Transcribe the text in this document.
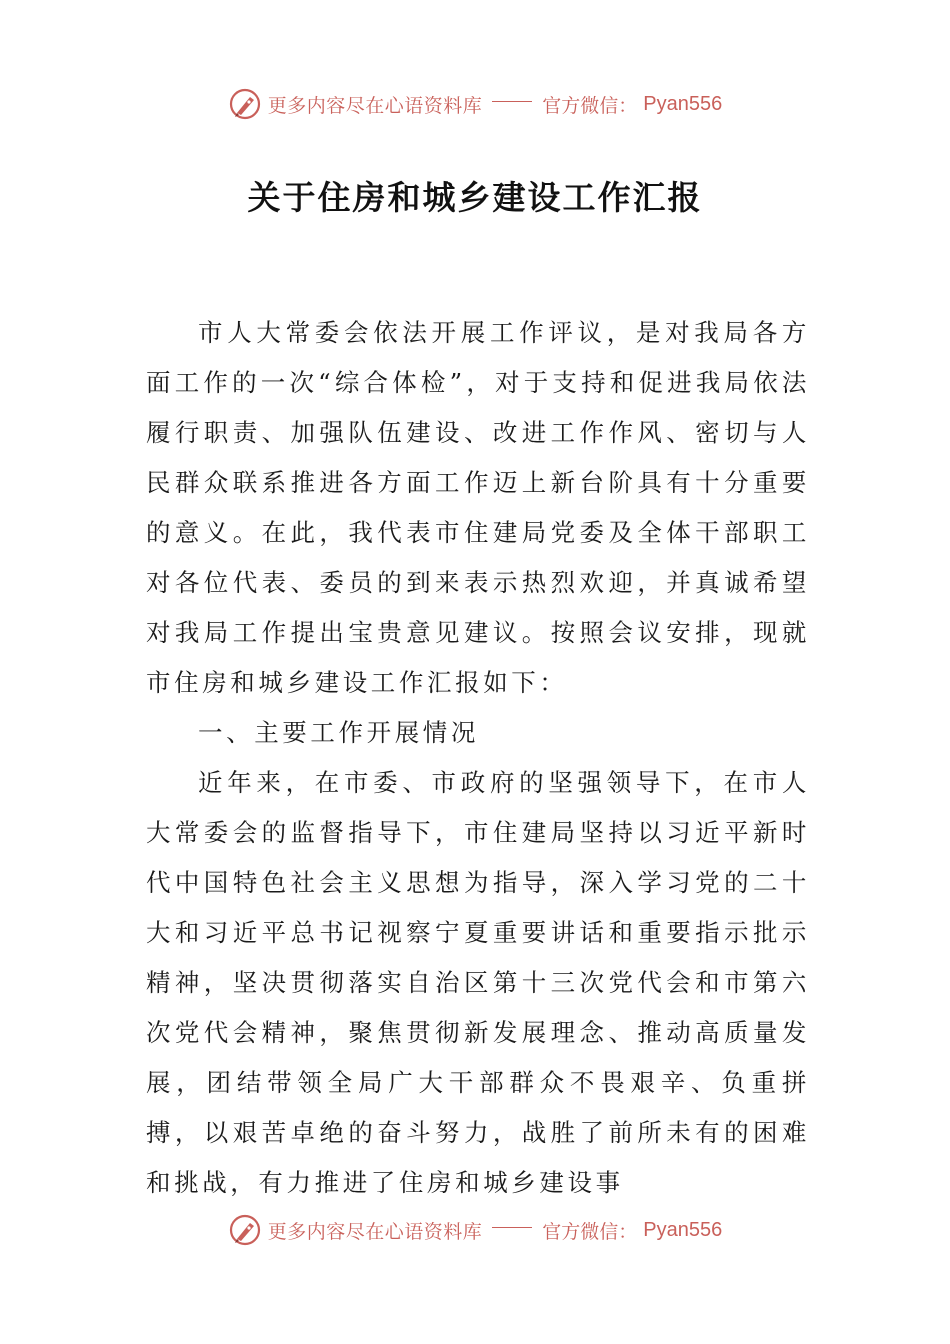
更多内容尽在心语资料库	官方微信： Pyan556
关于住房和城乡建设工作汇报

市人大常委会依法开展工作评议，是对我局各方面工作的一次“综合体检”，对于支持和促进我局依法履行职责、加强队伍建设、改进工作作风、密切与人民群众联系推进各方面工作迈上新台阶具有十分重要的意义。在此，我代表市住建局党委及全体干部职工对各位代表、委员的到来表示热烈欢迎，并真诚希望对我局工作提出宝贵意见建议。按照会议安排，现就市住房和城乡建设工作汇报如下：

一、主要工作开展情况

近年来，在市委、市政府的坚强领导下，在市人大常委会的监督指导下，市住建局坚持以习近平新时代中国特色社会主义思想为指导，深入学习党的二十大和习近平总书记视察宁夏重要讲话和重要指示批示精神，坚决贯彻落实自治区第十三次党代会和市第六次党代会精神，聚焦贯彻新发展理念、推动高质量发展，团结带领全局广大干部群众不畏艰辛、负重拼搏，以艰苦卓绝的奋斗努力，战胜了前所未有的困难和挑战，有力推进了住房和城乡建设事

更多内容尽在心语资料库	官方微信： Pyan556
